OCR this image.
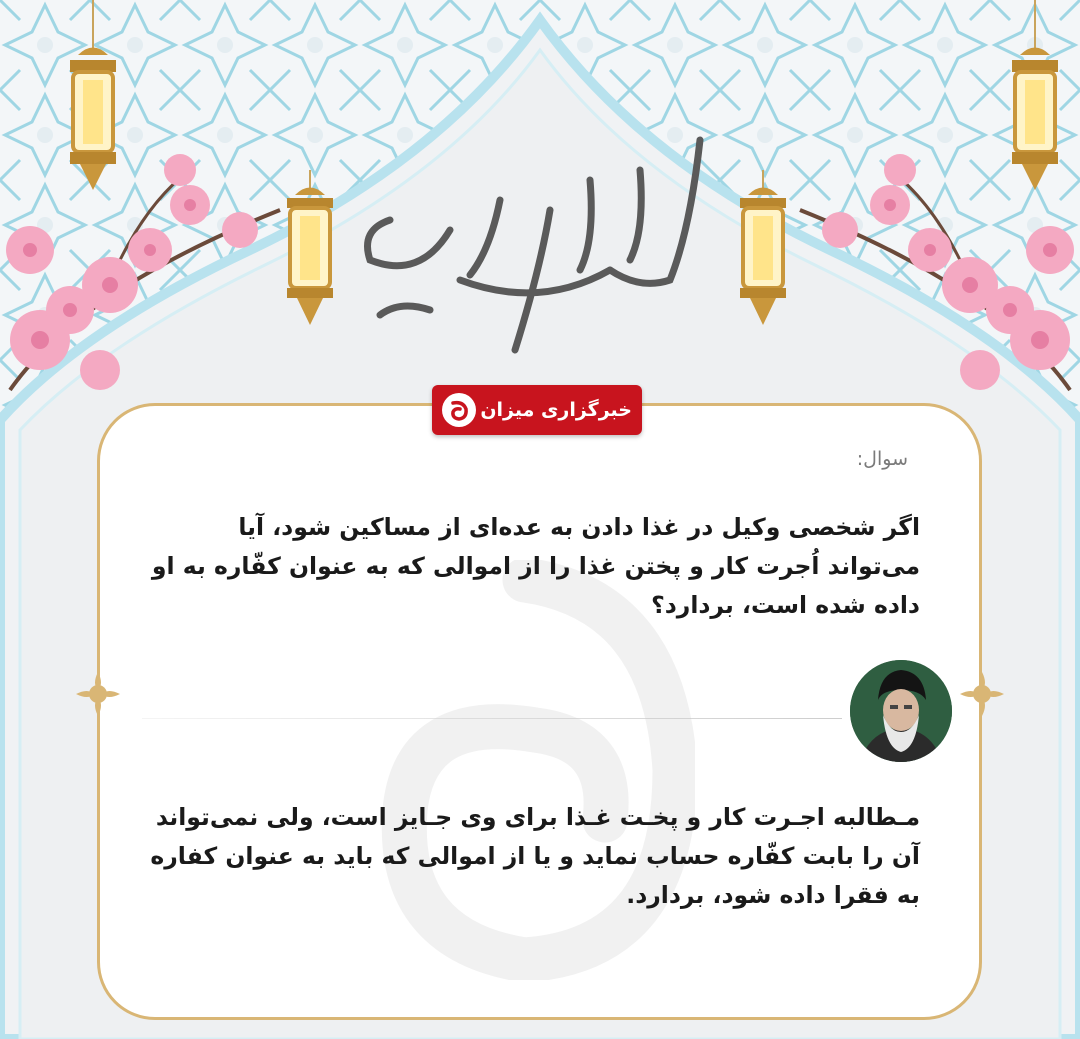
خبرگزاری میزان
سوال:
اگر شخصی وکیل در غذا دادن به عده‌ای از مساکین شود، آیا می‌تواند اُجرت کار و پختن غذا را از اموالی که به عنوان کفّاره به او داده شده است، بردارد؟
مـطالبه اجـرت کار و پخـت غـذا برای وی جـایز است، ولی نمی‌تواند آن را بابت کفّاره حساب نماید و یا از اموالی که باید به عنوان کفاره به فقرا داده شود، بردارد.
